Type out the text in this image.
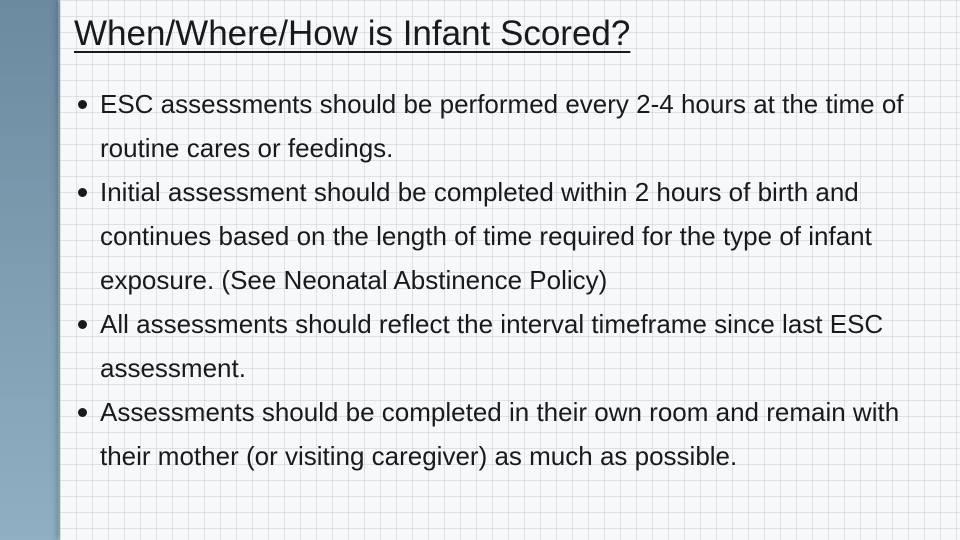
When/Where/How is Infant Scored?
ESC assessments should be performed every 2-4 hours at the time of routine cares or feedings.
Initial assessment should be completed within 2 hours of birth and continues based on the length of time required for the type of infant exposure. (See Neonatal Abstinence Policy)
All assessments should reflect the interval timeframe since last ESC assessment.
Assessments should be completed in their own room and remain with their mother (or visiting caregiver) as much as possible.
